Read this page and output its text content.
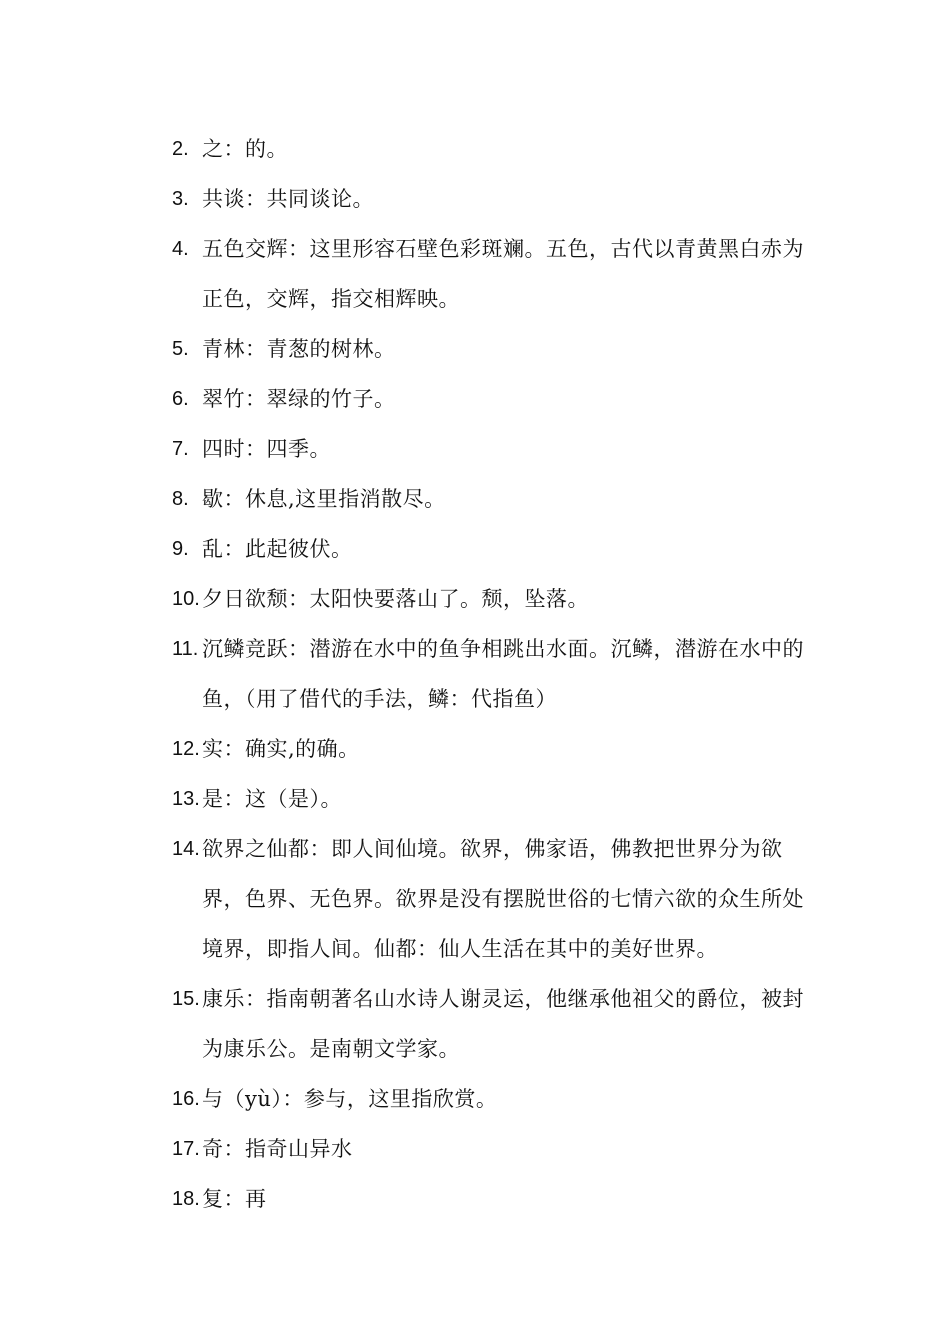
2. 之：的。
3. 共谈：共同谈论。
4. 五色交辉：这里形容石壁色彩斑斓。五色，古代以青黄黑白赤为正色，交辉，指交相辉映。
5. 青林：青葱的树林。
6. 翠竹：翠绿的竹子。
7. 四时：四季。
8. 歇：休息,这里指消散尽。
9. 乱：此起彼伏。
10. 夕日欲颓：太阳快要落山了。颓，坠落。
11. 沉鳞竞跃：潜游在水中的鱼争相跳出水面。沉鳞，潜游在水中的鱼，（用了借代的手法，鳞：代指鱼）
12. 实：确实,的确。
13. 是：这（是）。
14. 欲界之仙都：即人间仙境。欲界，佛家语，佛教把世界分为欲界，色界、无色界。欲界是没有摆脱世俗的七情六欲的众生所处境界，即指人间。仙都：仙人生活在其中的美好世界。
15. 康乐：指南朝著名山水诗人谢灵运，他继承他祖父的爵位，被封为康乐公。是南朝文学家。
16. 与（yù）：参与，这里指欣赏。
17. 奇：指奇山异水
18. 复：再
